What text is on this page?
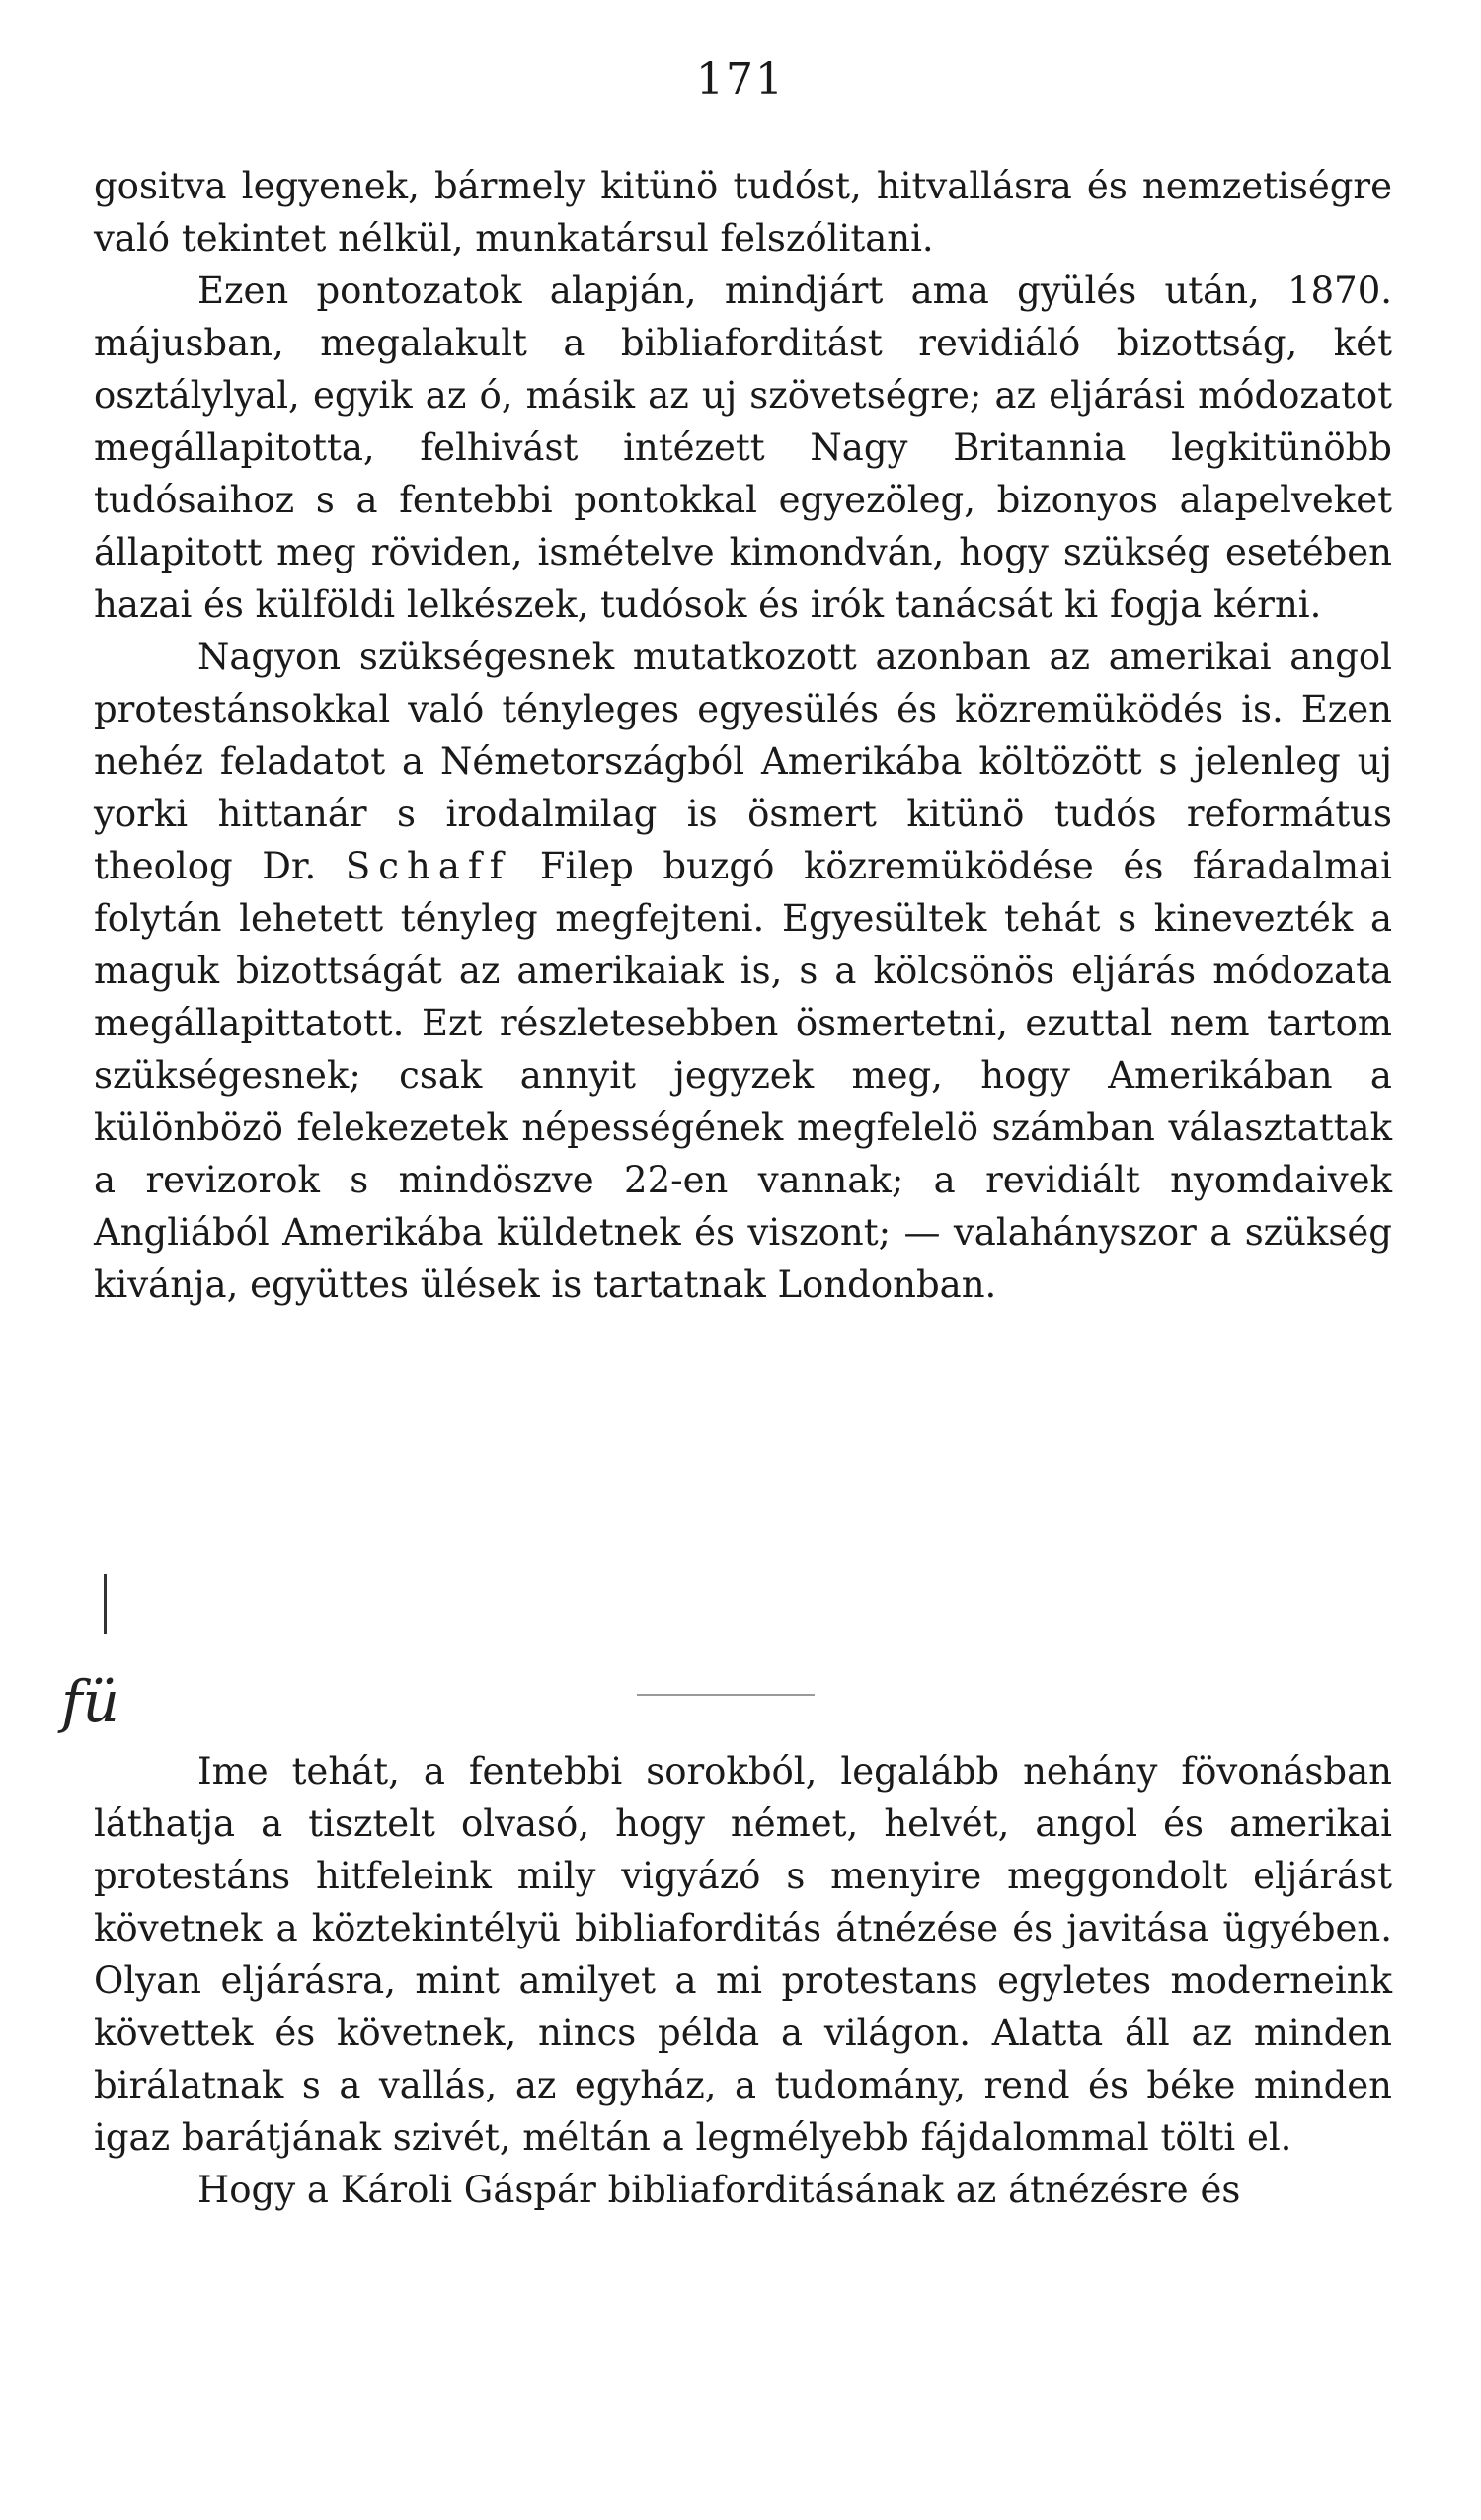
171

gositva legyenek, bármely kitünö tudóst, hitvallásra és nemzetiségre való tekintet nélkül, munkatársul felszólitani.

Ezen pontozatok alapján, mindjárt ama gyülés után, 1870. májusban, megalakult a bibliaforditást revidiáló bizottság, két osztálylyal, egyik az ó, másik az uj szövetségre; az eljárási módozatot megállapitotta, felhivást intézett Nagy Britannia legkitünöbb tudósaihoz s a fentebbi pontokkal egyezöleg, bizonyos alapelveket állapitott meg röviden, ismételve kimondván, hogy szükség esetében hazai és külföldi lelkészek, tudósok és irók tanácsát ki fogja kérni.

Nagyon szükségesnek mutatkozott azonban az amerikai angol protestánsokkal való tényleges egyesülés és közremüködés is. Ezen nehéz feladatot a Németországból Amerikába költözött s jelenleg uj yorki hittanár s irodalmilag is ösmert kitünö tudós református theolog Dr. Schaff Filep buzgó közremüködése és fáradalmai folytán lehetett tényleg megfejteni. Egyesültek tehát s kinevezték a maguk bizottságát az amerikaiak is, s a kölcsönös eljárás módozata megállapittatott. Ezt részletesebben ösmertetni, ezuttal nem tartom szükségesnek; csak annyit jegyzek meg, hogy Amerikában a különbözö felekezetek népességének megfelelö számban választattak a revizorok s mindöszve 22-en vannak; a revidiált nyomdaivek Angliából Amerikába küldetnek és viszont; — valahányszor a szükség kivánja, együttes ülések is tartatnak Londonban.

fü

Ime tehát, a fentebbi sorokból, legalább nehány fövonásban láthatja a tisztelt olvasó, hogy német, helvét, angol és amerikai protestáns hitfeleink mily vigyázó s menyire meggondolt eljárást követnek a köztekintélyü bibliaforditás átnézése és javitása ügyében. Olyan eljárásra, mint amilyet a mi protestans egyletes moderneink követtek és követnek, nincs példa a világon. Alatta áll az minden birálatnak s a vallás, az egyház, a tudomány, rend és béke minden igaz barátjának szivét, méltán a legmélyebb fájdalommal tölti el.

Hogy a Károli Gáspár bibliaforditásának az átnézésre és
